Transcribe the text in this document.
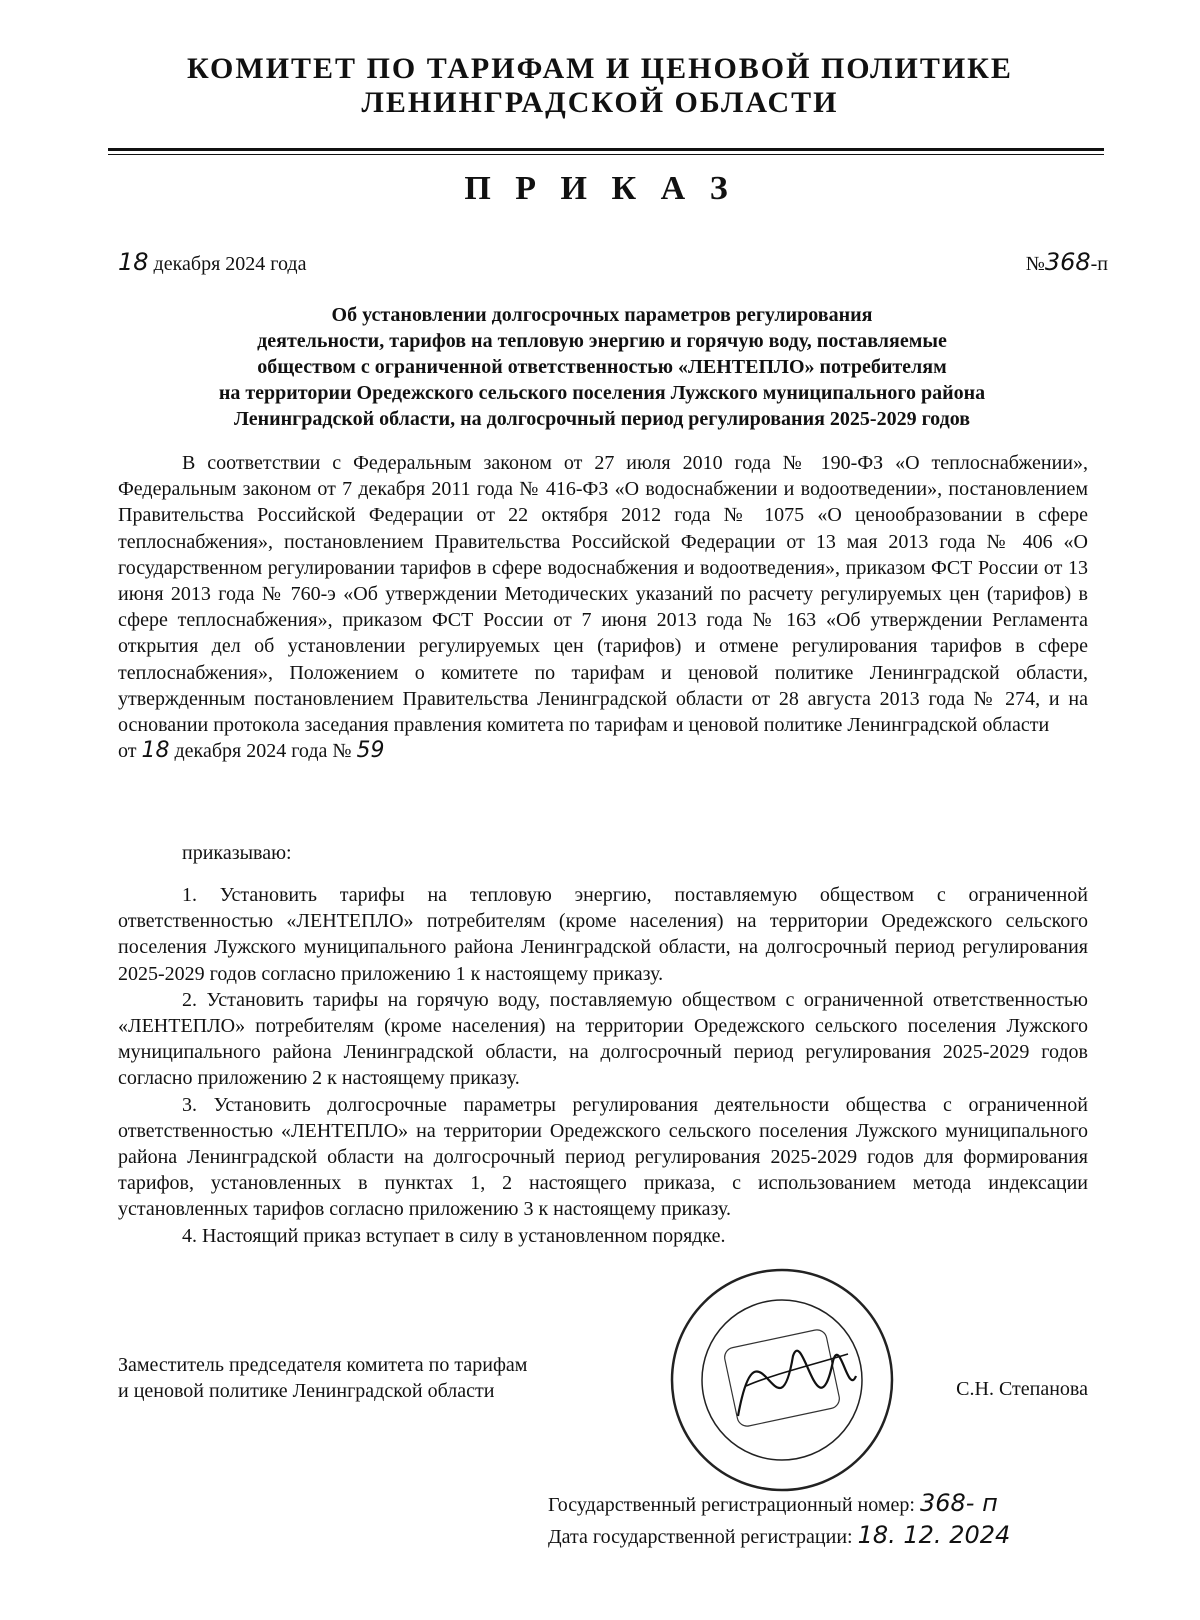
КОМИТЕТ ПО ТАРИФАМ И ЦЕНОВОЙ ПОЛИТИКЕ
ЛЕНИНГРАДСКОЙ ОБЛАСТИ
П Р И К А З
18 декабря 2024 года	№368-п
Об установлении долгосрочных параметров регулирования
деятельности, тарифов на тепловую энергию и горячую воду, поставляемые
обществом с ограниченной ответственностью «ЛЕНТЕПЛО» потребителям
на территории Оредежского сельского поселения Лужского муниципального района
Ленинградской области, на долгосрочный период регулирования 2025-2029 годов

В соответствии с Федеральным законом от 27 июля 2010 года № 190-ФЗ «О теплоснабжении», Федеральным законом от 7 декабря 2011 года № 416-ФЗ «О водоснабжении и водоотведении», постановлением Правительства Российской Федерации от 22 октября 2012 года № 1075 «О ценообразовании в сфере теплоснабжения», постановлением Правительства Российской Федерации от 13 мая 2013 года № 406 «О государственном регулировании тарифов в сфере водоснабжения и водоотведения», приказом ФСТ России от 13 июня 2013 года № 760-э «Об утверждении Методических указаний по расчету регулируемых цен (тарифов) в сфере теплоснабжения», приказом ФСТ России от 7 июня 2013 года № 163 «Об утверждении Регламента открытия дел об установлении регулируемых цен (тарифов) и отмене регулирования тарифов в сфере теплоснабжения», Положением о комитете по тарифам и ценовой политике Ленинградской области, утвержденным постановлением Правительства Ленинградской области от 28 августа 2013 года № 274, и на основании протокола заседания правления комитета по тарифам и ценовой политике Ленинградской области

от 18 декабря 2024 года № 59
приказываю:

1. Установить тарифы на тепловую энергию, поставляемую обществом с ограниченной ответственностью «ЛЕНТЕПЛО» потребителям (кроме населения) на территории Оредежского сельского поселения Лужского муниципального района Ленинградской области, на долгосрочный период регулирования 2025-2029 годов согласно приложению 1 к настоящему приказу.

2. Установить тарифы на горячую воду, поставляемую обществом с ограниченной ответственностью «ЛЕНТЕПЛО» потребителям (кроме населения) на территории Оредежского сельского поселения Лужского муниципального района Ленинградской области, на долгосрочный период регулирования 2025-2029 годов согласно приложению 2 к настоящему приказу.

3. Установить долгосрочные параметры регулирования деятельности общества с ограниченной ответственностью «ЛЕНТЕПЛО» на территории Оредежского сельского поселения Лужского муниципального района Ленинградской области на долгосрочный период регулирования 2025-2029 годов для формирования тарифов, установленных в пунктах 1, 2 настоящего приказа, с использованием метода индексации установленных тарифов согласно приложению 3 к настоящему приказу.

4. Настоящий приказ вступает в силу в установленном порядке.

Заместитель председателя комитета по тарифам
и ценовой политике Ленинградской области	С.Н. Степанова
Государственный регистрационный номер: 368- п
Дата государственной регистрации: 18. 12. 2024
